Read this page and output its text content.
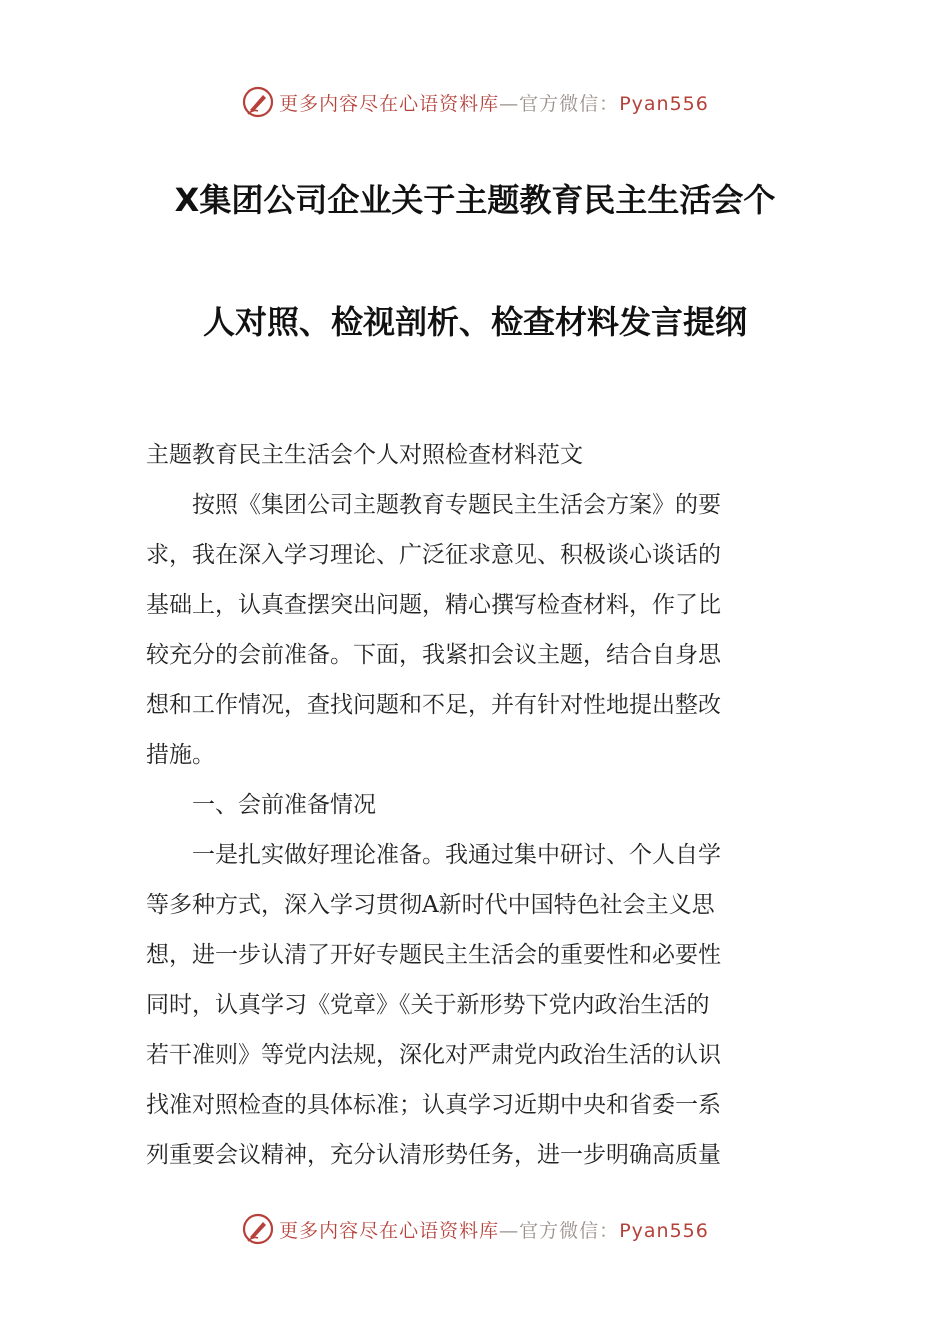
更多内容尽在心语资料库—官方微信：Pyan556
X集团公司企业关于主题教育民主生活会个
人对照、检视剖析、检查材料发言提纲
主题教育民主生活会个人对照检查材料范文
　　按照《集团公司主题教育专题民主生活会方案》的要
求，我在深入学习理论、广泛征求意见、积极谈心谈话的
基础上，认真查摆突出问题，精心撰写检查材料，作了比
较充分的会前准备。下面，我紧扣会议主题，结合自身思
想和工作情况，查找问题和不足，并有针对性地提出整改
措施。
　　一、会前准备情况
　　一是扎实做好理论准备。我通过集中研讨、个人自学
等多种方式，深入学习贯彻A新时代中国特色社会主义思
想，进一步认清了开好专题民主生活会的重要性和必要性
同时，认真学习《党章》《关于新形势下党内政治生活的
若干准则》等党内法规，深化对严肃党内政治生活的认识
找准对照检查的具体标准；认真学习近期中央和省委一系
列重要会议精神，充分认清形势任务，进一步明确高质量
更多内容尽在心语资料库—官方微信：Pyan556
